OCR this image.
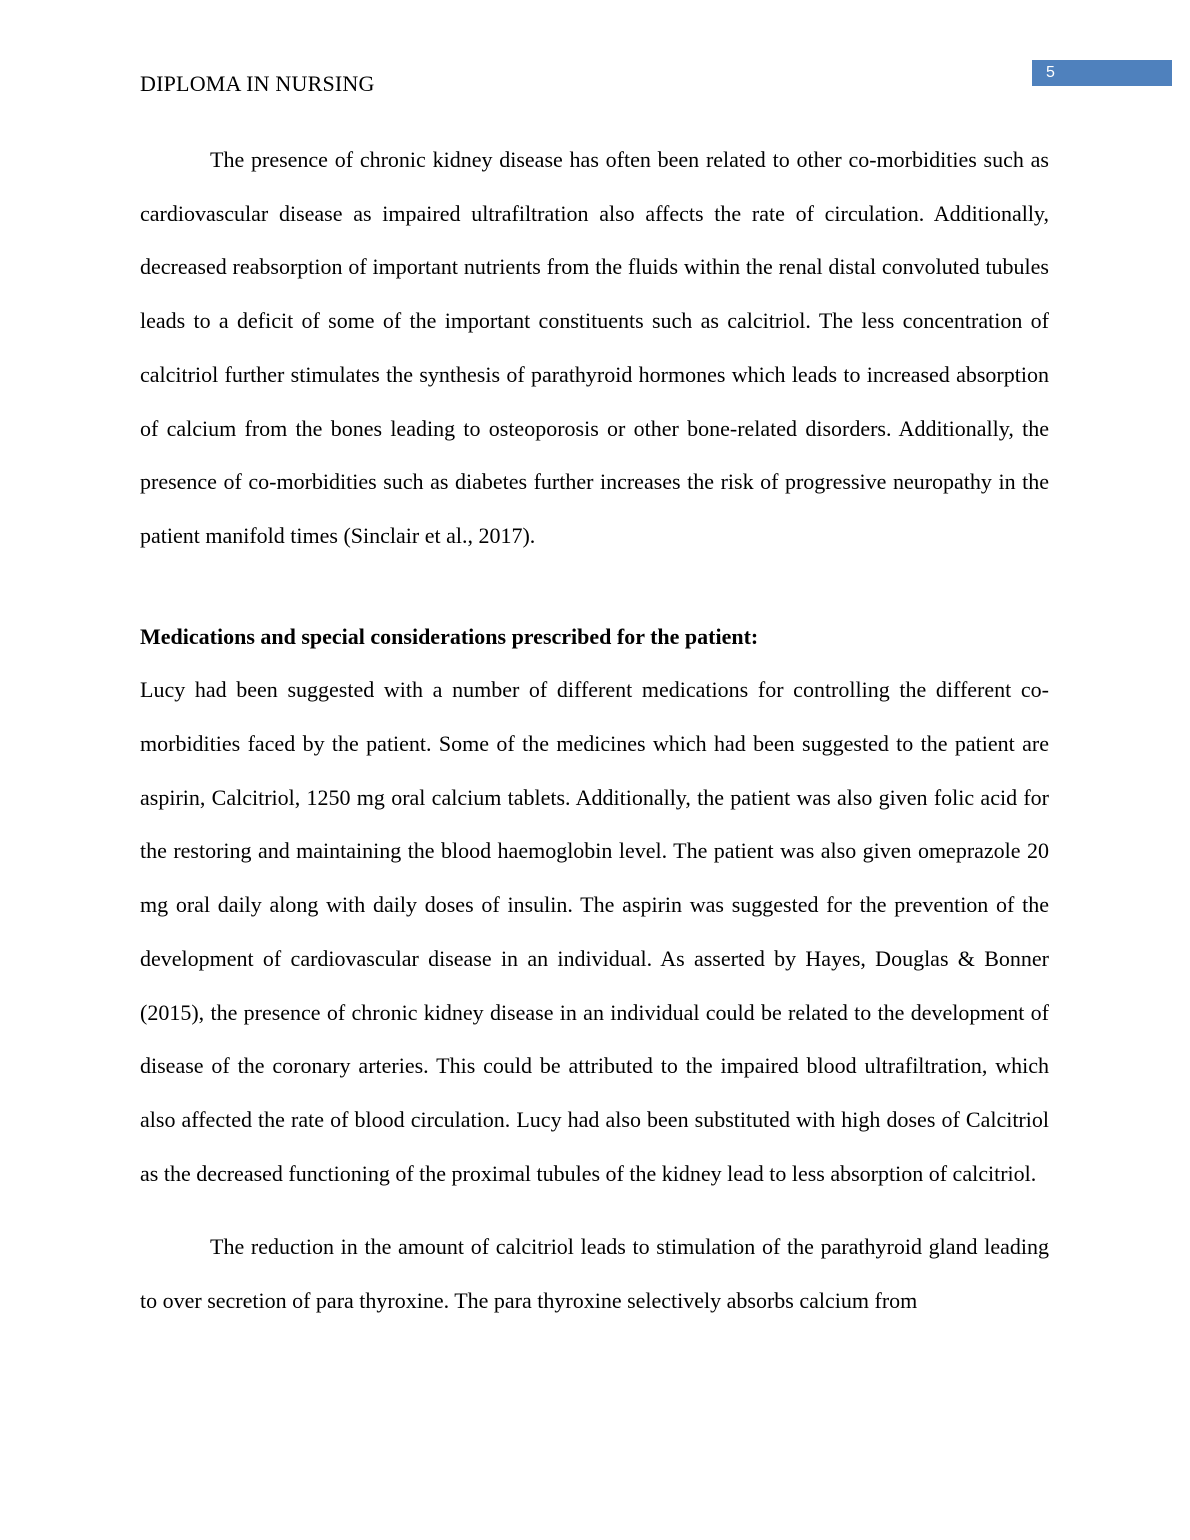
DIPLOMA IN NURSING	5

The presence of chronic kidney disease has often been related to other co-morbidities such as cardiovascular disease as impaired ultrafiltration also affects the rate of circulation. Additionally, decreased reabsorption of important nutrients from the fluids within the renal distal convoluted tubules leads to a deficit of some of the important constituents such as calcitriol. The less concentration of calcitriol further stimulates the synthesis of parathyroid hormones which leads to increased absorption of calcium from the bones leading to osteoporosis or other bone-related disorders. Additionally, the presence of co-morbidities such as diabetes further increases the risk of progressive neuropathy in the patient manifold times (Sinclair et al., 2017).

Medications and special considerations prescribed for the patient:

Lucy had been suggested with a number of different medications for controlling the different co-morbidities faced by the patient. Some of the medicines which had been suggested to the patient are aspirin, Calcitriol, 1250 mg oral calcium tablets. Additionally, the patient was also given folic acid for the restoring and maintaining the blood haemoglobin level. The patient was also given omeprazole 20 mg oral daily along with daily doses of insulin. The aspirin was suggested for the prevention of the development of cardiovascular disease in an individual. As asserted by Hayes, Douglas & Bonner (2015), the presence of chronic kidney disease in an individual could be related to the development of disease of the coronary arteries. This could be attributed to the impaired blood ultrafiltration, which also affected the rate of blood circulation. Lucy had also been substituted with high doses of Calcitriol as the decreased functioning of the proximal tubules of the kidney lead to less absorption of calcitriol.

The reduction in the amount of calcitriol leads to stimulation of the parathyroid gland leading to over secretion of para thyroxine. The para thyroxine selectively absorbs calcium from
